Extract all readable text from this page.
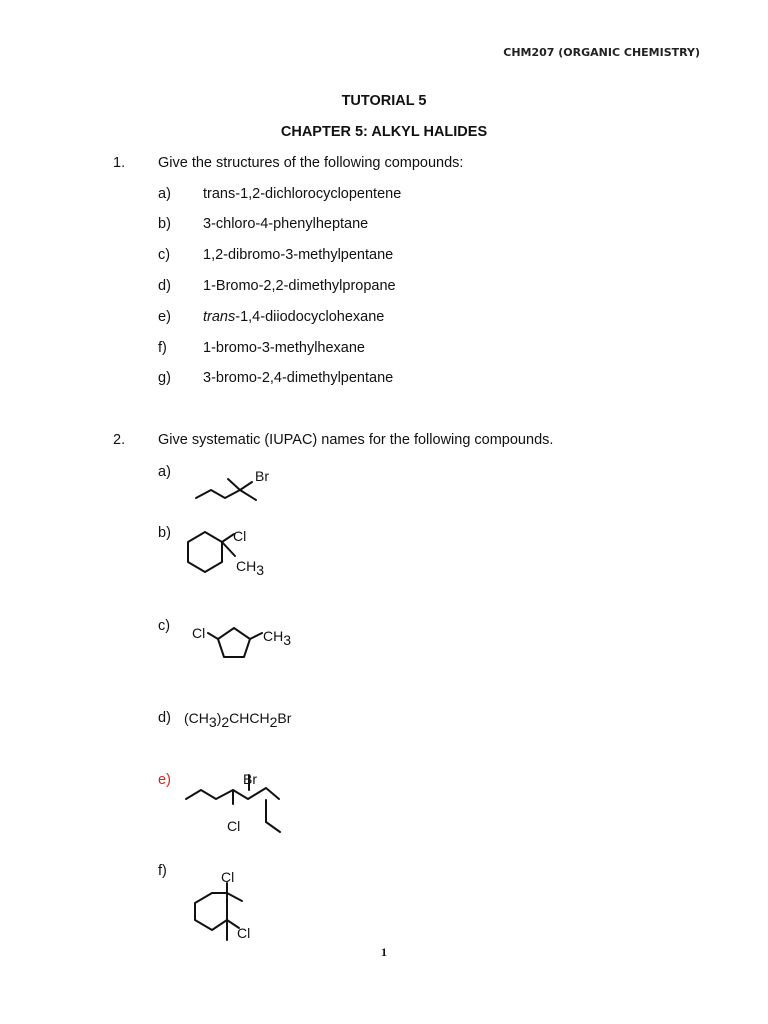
CHM207 (ORGANIC CHEMISTRY)
TUTORIAL 5
CHAPTER 5: ALKYL HALIDES
1. Give the structures of the following compounds:
a) trans-1,2-dichlorocyclopentene
b) 3-chloro-4-phenylheptane
c) 1,2-dibromo-3-methylpentane
d) 1-Bromo-2,2-dimethylpropane
e) trans-1,4-diiodocyclohexane
f) 1-bromo-3-methylhexane
g) 3-bromo-2,4-dimethylpentane
2. Give systematic (IUPAC) names for the following compounds.
a)	Br
b)	Cl
CH3
c) Cl	CH3
d) (CH3)2CHCH2Br
e)	Br
Cl
f)	Cl
Cl
1
